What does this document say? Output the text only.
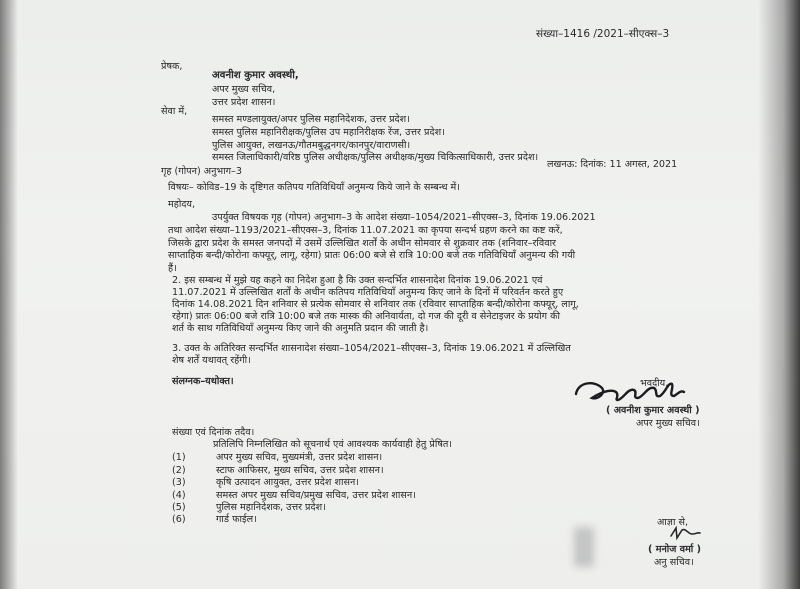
संख्या–1416 /2021–सीएक्स–3
प्रेषक,
अवनीश कुमार अवस्थी,
अपर मुख्य सचिव,
उत्तर प्रदेश शासन।
सेवा में,
समस्त मण्डलायुक्त/अपर पुलिस महानिदेशक, उत्तर प्रदेश।
समस्त पुलिस महानिरीक्षक/पुलिस उप महानिरीक्षक रेंज, उत्तर प्रदेश।
पुलिस आयुक्त, लखनऊ/गौतमबुद्धनगर/कानपुर/वाराणसी।
समस्त जिलाधिकारी/वरिष्ठ पुलिस अधीक्षक/पुलिस अधीक्षक/मुख्य चिकित्साधिकारी, उत्तर प्रदेश।
गृह (गोपन) अनुभाग–3
लखनऊ: दिनांक: 11 अगस्त, 2021
विषयः– कोविड–19 के दृष्टिगत कतिपय गतिविधियाँ अनुमन्य किये जाने के सम्बन्ध में।
महोदय,
उपर्युक्त विषयक गृह (गोपन) अनुभाग–3 के आदेश संख्या–1054/2021–सीएक्स–3, दिनांक 19.06.2021
तथा आदेश संख्या–1193/2021–सीएक्स–3, दिनांक 11.07.2021 का कृपया सन्दर्भ ग्रहण करने का कष्ट करें,
जिसके द्वारा प्रदेश के समस्त जनपदों में उसमें उल्लिखित शर्तों के अधीन सोमवार से शुक्रवार तक (शनिवार–रविवार
साप्ताहिक बन्दी/कोरोना कफ्यूर्, लागू, रहेगा) प्रातः 06:00 बजे से रात्रि 10:00 बजे तक गतिविधियाँ अनुमन्य की गयी
हैं।
2. इस सम्बन्ध में मुझे यह कहने का निदेश हुआ है कि उक्त सन्दर्भित शासनादेश दिनांक 19.06.2021 एवं
11.07.2021 में उल्लिखित शर्तों के अधीन कतिपय गतिविधियाँ अनुमन्य किए जाने के दिनों में परिवर्तन करते हुए
दिनांक 14.08.2021 दिन शनिवार से प्रत्येक सोमवार से शनिवार तक (रविवार साप्ताहिक बन्दी/कोरोना कफ्यूर्, लागू,
रहेगा) प्रातः 06:00 बजे रात्रि 10:00 बजे तक मास्क की अनिवार्यता, दो गज की दूरी व सेनेटाइजर के प्रयोग की
शर्त के साथ गतिविधियाँ अनुमन्य किए जाने की अनुमति प्रदान की जाती है।
3. उक्त के अतिरिक्त सन्दर्भित शासनादेश संख्या–1054/2021–सीएक्स–3, दिनांक 19.06.2021 में उल्लिखित
शेष शर्तें यथावत् रहेंगी।
संलग्नक–यथोक्त।	भवदीय,
( अवनीश कुमार अवस्थी )
अपर मुख्य सचिव।
संख्या एवं दिनांक तदैव।
प्रतिलिपि निम्नलिखित को सूचनार्थ एवं आवश्यक कार्यवाही हेतु प्रेषित।
(1)	अपर मुख्य सचिव, मुख्यमंत्री, उत्तर प्रदेश शासन।
(2)	स्टाफ आफिसर, मुख्य सचिव, उत्तर प्रदेश शासन।
(3)	कृषि उत्पादन आयुक्त, उत्तर प्रदेश शासन।
(4)	समस्त अपर मुख्य सचिव/प्रमुख सचिव, उत्तर प्रदेश शासन।
(5)	पुलिस महानिदेशक, उत्तर प्रदेश।
(6)	गार्ड फाईल।	आज्ञा से,
( मनोज वर्मा )
अनु सचिव।
